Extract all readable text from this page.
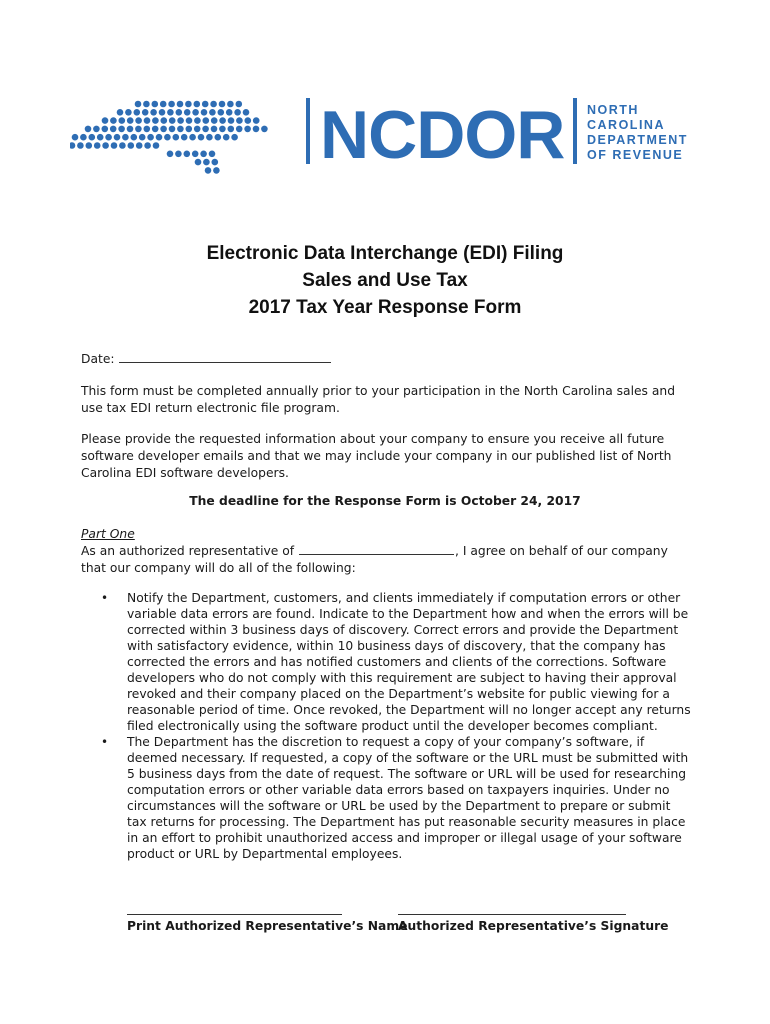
NCDOR NORTH
CAROLINA
DEPARTMENT
OF REVENUE
Electronic Data Interchange (EDI) Filing
Sales and Use Tax
2017 Tax Year Response Form
Date:
This form must be completed annually prior to your participation in the North Carolina sales and use tax EDI return electronic file program.
Please provide the requested information about your company to ensure you receive all future software developer emails and that we may include your company in our published list of North Carolina EDI software developers.
The deadline for the Response Form is October 24, 2017
Part One
As an authorized representative of	, I agree on behalf of our company that our company will do all of the following:
• Notify the Department, customers, and clients immediately if computation errors or other variable data errors are found. Indicate to the Department how and when the errors will be corrected within 3 business days of discovery. Correct errors and provide the Department with satisfactory evidence, within 10 business days of discovery, that the company has corrected the errors and has notified customers and clients of the corrections. Software developers who do not comply with this requirement are subject to having their approval revoked and their company placed on the Department’s website for public viewing for a reasonable period of time. Once revoked, the Department will no longer accept any returns filed electronically using the software product until the developer becomes compliant.
• The Department has the discretion to request a copy of your company’s software, if deemed necessary. If requested, a copy of the software or the URL must be submitted with 5 business days from the date of request. The software or URL will be used for researching computation errors or other variable data errors based on taxpayers inquiries. Under no circumstances will the software or URL be used by the Department to prepare or submit tax returns for processing. The Department has put reasonable security measures in place in an effort to prohibit unauthorized access and improper or illegal usage of your software product or URL by Departmental employees.
Print Authorized Representative’s Name
Authorized Representative’s Signature
